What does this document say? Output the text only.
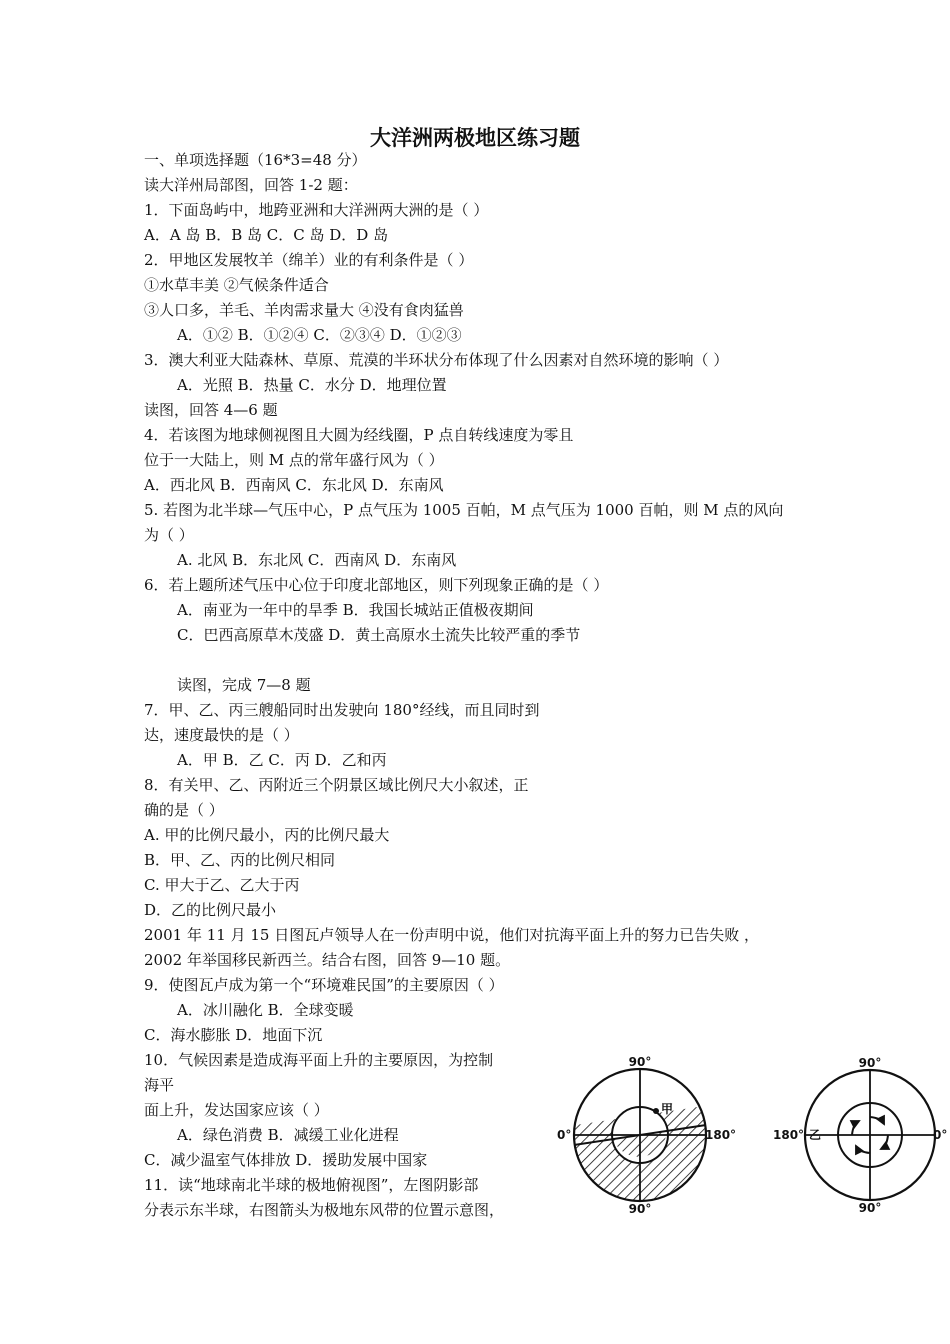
大洋洲两极地区练习题
一、单项选择题（16*3=48 分）
读大洋州局部图，回答 1-2 题：
1．下面岛屿中，地跨亚洲和大洋洲两大洲的是（ ）
A．A 岛 B．B 岛 C．C 岛 D．D 岛
2．甲地区发展牧羊（绵羊）业的有利条件是（ ）
①水草丰美 ②气候条件适合
③人口多，羊毛、羊肉需求量大 ④没有食肉猛兽
A．①② B．①②④ C．②③④ D．①②③
3．澳大利亚大陆森林、草原、荒漠的半环状分布体现了什么因素对自然环境的影响（ ）
A．光照 B．热量 C．水分 D．地理位置
读图，回答 4—6 题
4．若该图为地球侧视图且大圆为经线圈，P 点自转线速度为零且
位于一大陆上，则 M 点的常年盛行风为（ ）
A．西北风 B．西南风 C．东北风 D．东南风
5. 若图为北半球—气压中心，P 点气压为 1005 百帕，M 点气压为 1000 百帕，则 M 点的风向
为（ ）
A. 北风 B．东北风 C．西南风 D．东南风
6．若上题所述气压中心位于印度北部地区，则下列现象正确的是（ ）
A．南亚为一年中的旱季 B．我国长城站正值极夜期间
C．巴西高原草木茂盛 D．黄土高原水土流失比较严重的季节
读图，完成 7—8 题
7．甲、乙、丙三艘船同时出发驶向 180°经线，而且同时到
达，速度最快的是（ ）
A．甲 B．乙 C．丙 D．乙和丙
8．有关甲、乙、丙附近三个阴景区域比例尺大小叙述，正
确的是（ ）
A. 甲的比例尺最小，丙的比例尺最大
B．甲、乙、丙的比例尺相同
C. 甲大于乙、乙大于丙
D．乙的比例尺最小
2001 年 11 月 15 日图瓦卢领导人在一份声明中说，他们对抗海平面上升的努力已告失败 ，
2002 年举国移民新西兰。结合右图，回答 9—10 题。
9．使图瓦卢成为第一个“环境难民国”的主要原因（ ）
A．冰川融化 B．全球变暖
C．海水膨胀 D．地面下沉
10．气候因素是造成海平面上升的主要原因，为控制
海平
面上升，发达国家应该（ ）
A．绿色消费 B．减缓工业化进程
C．减少温室气体排放 D．援助发展中国家
11．读“地球南北半球的极地俯视图”，左图阴影部
分表示东半球，右图箭头为极地东风带的位置示意图，
甲
90°
90°
0°	180°	乙
90°
90°
180°	0°
